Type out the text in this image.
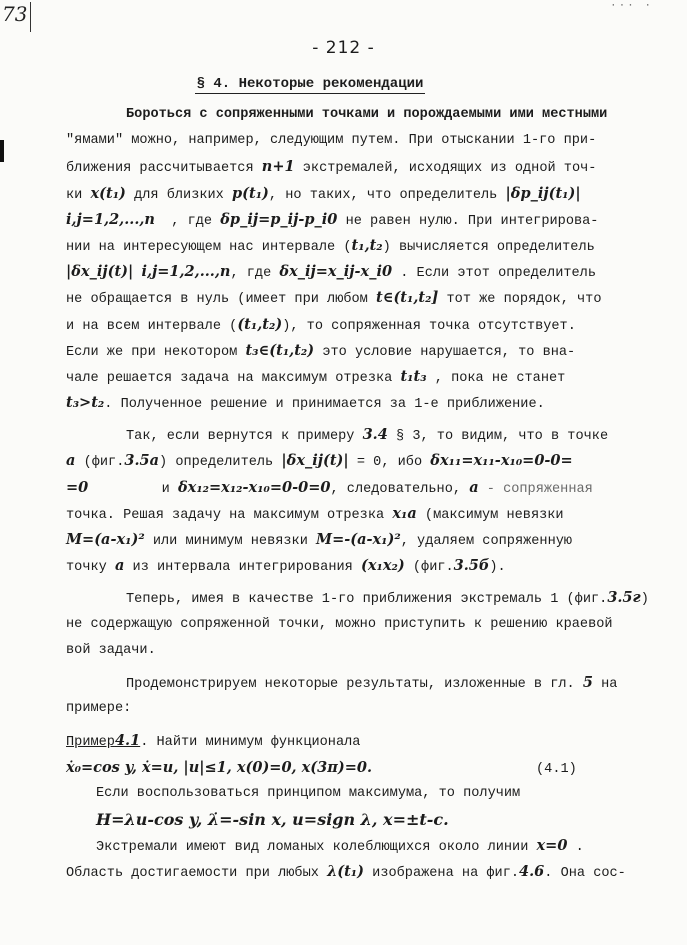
73	∙∙∙ ∙
- 212 -
§ 4. Некоторые рекомендации
Бороться с сопряженными точками и порождаемыми ими местными
"ямами" можно, например, следующим путем. При отыскании 1-го при-
ближения рассчитывается n+1 экстремалей, исходящих из одной точ-
ки x(t₁) для близких p(t₁), но таких, что определитель |δp_ij(t₁)|
i,j=1,2,...,n , где δp_ij=p_ij-p_i0 не равен нулю. При интегрирова-
нии на интересующем нас интервале (t₁,t₂) вычисляется определитель
|δx_ij(t)| i,j=1,2,...,n, где δx_ij=x_ij-x_i0 . Если этот определитель
не обращается в нуль (имеет при любом t∈(t₁,t₂] тот же порядок, что
и на всем интервале ((t₁,t₂)), то сопряженная точка отсутствует.
Если же при некотором t₃∈(t₁,t₂) это условие нарушается, то вна-
чале решается задача на максимум отрезка t₁t₃ , пока не станет
t₃>t₂. Полученное решение и принимается за 1-е приближение.
Так, если вернутся к примеру 3.4 § 3, то видим, что в точке
a (фиг.3.5a) определитель |δx_ij(t)| = 0, ибо δx₁₁=x₁₁-x₁₀=0-0=
=0	и δx₁₂=x₁₂-x₁₀=0-0=0, следовательно, a - сопряженная
точка. Решая задачу на максимум отрезка x₁a (максимум невязки
M=(a-x₁)² или минимум невязки M=-(a-x₁)², удаляем сопряженную
точку a из интервала интегрирования (x₁x₂) (фиг.3.5б).
Теперь, имея в качестве 1-го приближения экстремаль 1 (фиг.3.5г)
не содержащую сопряженной точки, можно приступить к решению краевой
вой задачи.
Продемонстрируем некоторые результаты, изложенные в гл. 5 на
примере:
Пример4.1. Найти минимум функционала
ẋ₀=cos y, ẋ=u, |u|≤1, x(0)=0, x(3π)=0.	(4.1)
Если воспользоваться принципом максимума, то получим
H=λu-cos y, λ̇=-sin x, u=sign λ, x=±t-c.
Экстремали имеют вид ломаных колеблющихся около линии x=0 .
Область достигаемости при любых λ(t₁) изображена на фиг.4.6. Она сос-
